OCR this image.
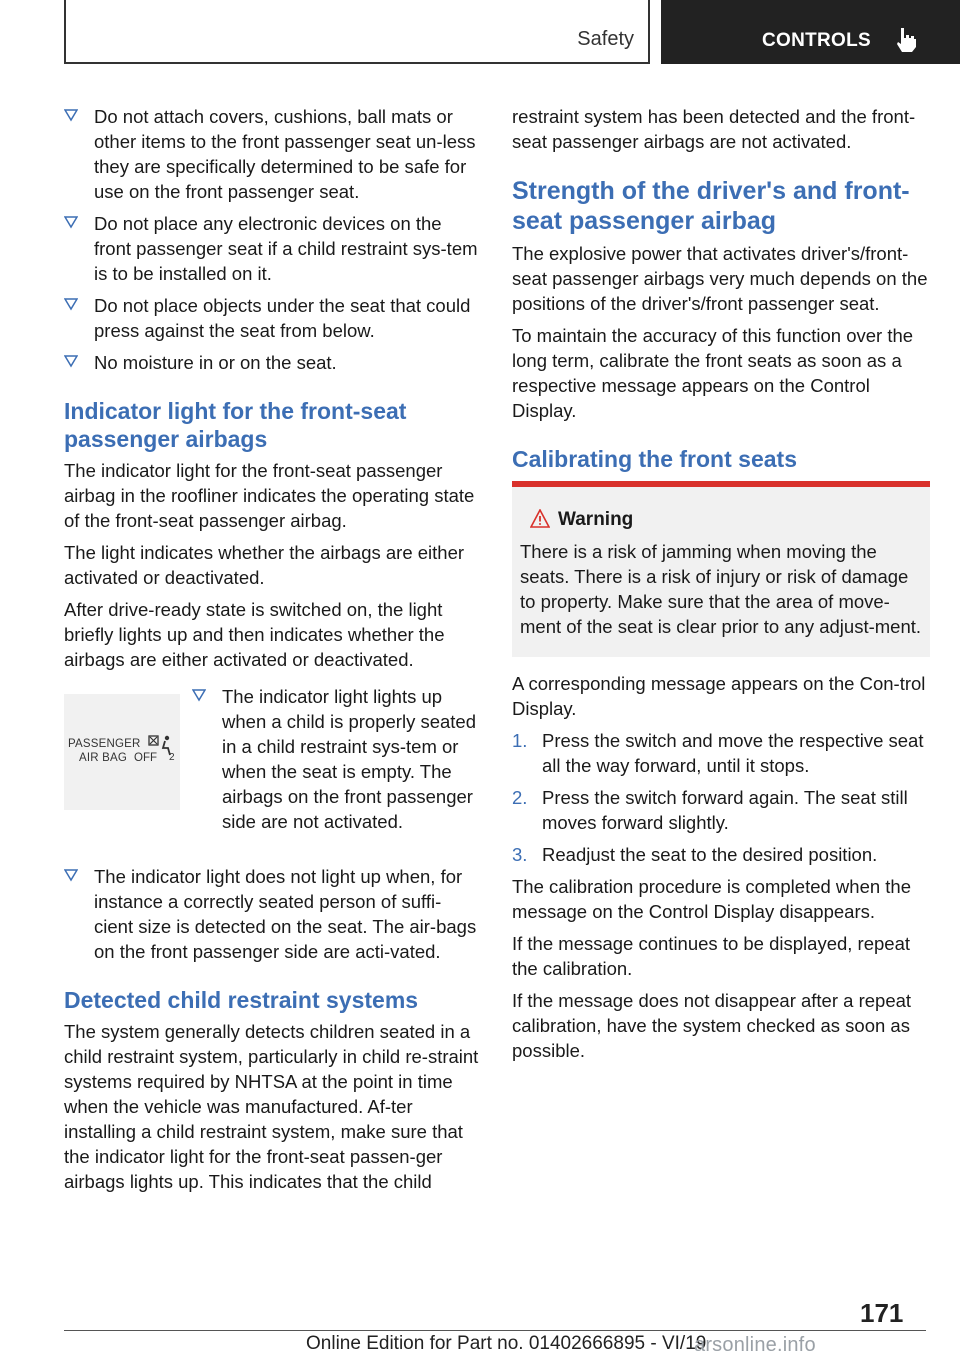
Safety	CONTROLS
Do not attach covers, cushions, ball mats or other items to the front passenger seat un-less they are specifically determined to be safe for use on the front passenger seat.
Do not place any electronic devices on the front passenger seat if a child restraint sys-tem is to be installed on it.
Do not place objects under the seat that could press against the seat from below.
No moisture in or on the seat.
Indicator light for the front-seat passenger airbags

The indicator light for the front-seat passenger airbag in the roofliner indicates the operating state of the front-seat passenger airbag.

The light indicates whether the airbags are either activated or deactivated.

After drive-ready state is switched on, the light briefly lights up and then indicates whether the airbags are either activated or deactivated.

PASSENGER
AIR BAG OFF 2
The indicator light lights up when a child is properly seated in a child restraint sys-tem or when the seat is empty. The airbags on the front passenger side are not activated.
The indicator light does not light up when, for instance a correctly seated person of suffi-cient size is detected on the seat. The air-bags on the front passenger side are acti-vated.
Detected child restraint systems

The system generally detects children seated in a child restraint system, particularly in child re-straint systems required by NHTSA at the point in time when the vehicle was manufactured. Af-ter installing a child restraint system, make sure that the indicator light for the front-seat passen-ger airbags lights up. This indicates that the child

restraint system has been detected and the front-seat passenger airbags are not activated.

Strength of the driver's and front-seat passenger airbag

The explosive power that activates driver's/front-seat passenger airbags very much depends on the positions of the driver's/front passenger seat.

To maintain the accuracy of this function over the long term, calibrate the front seats as soon as a respective message appears on the Control Display.

Calibrating the front seats
Warning

There is a risk of jamming when moving the seats. There is a risk of injury or risk of damage to property. Make sure that the area of move-ment of the seat is clear prior to any adjust-ment.

A corresponding message appears on the Con-trol Display.

1. Press the switch and move the respective seat all the way forward, until it stops.
2. Press the switch forward again. The seat still moves forward slightly.
3. Readjust the seat to the desired position.

The calibration procedure is completed when the message on the Control Display disappears.

If the message continues to be displayed, repeat the calibration.

If the message does not disappear after a repeat calibration, have the system checked as soon as possible.

171
Online Edition for Part no. 01402666895 - VI/19
arsonline.info
